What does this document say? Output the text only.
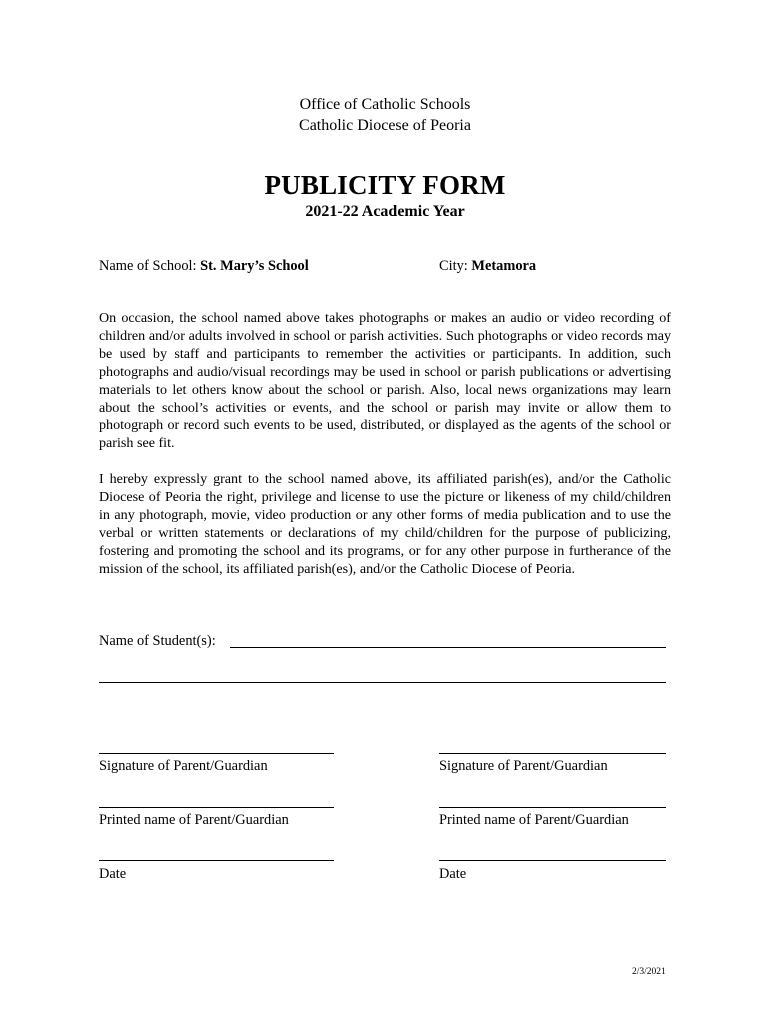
Office of Catholic Schools
Catholic Diocese of Peoria
PUBLICITY FORM
2021-22 Academic Year
Name of School: St. Mary’s School	City: Metamora
On occasion, the school named above takes photographs or makes an audio or video recording of children and/or adults involved in school or parish activities. Such photographs or video records may be used by staff and participants to remember the activities or participants. In addition, such photographs and audio/visual recordings may be used in school or parish publications or advertising materials to let others know about the school or parish. Also, local news organizations may learn about the school’s activities or events, and the school or parish may invite or allow them to photograph or record such events to be used, distributed, or displayed as the agents of the school or parish see fit.
I hereby expressly grant to the school named above, its affiliated parish(es), and/or the Catholic Diocese of Peoria the right, privilege and license to use the picture or likeness of my child/children in any photograph, movie, video production or any other forms of media publication and to use the verbal or written statements or declarations of my child/children for the purpose of publicizing, fostering and promoting the school and its programs, or for any other purpose in furtherance of the mission of the school, its affiliated parish(es), and/or the Catholic Diocese of Peoria.
Name of Student(s):
Signature of Parent/Guardian	Signature of Parent/Guardian
Printed name of Parent/Guardian	Printed name of Parent/Guardian
Date	Date
2/3/2021
